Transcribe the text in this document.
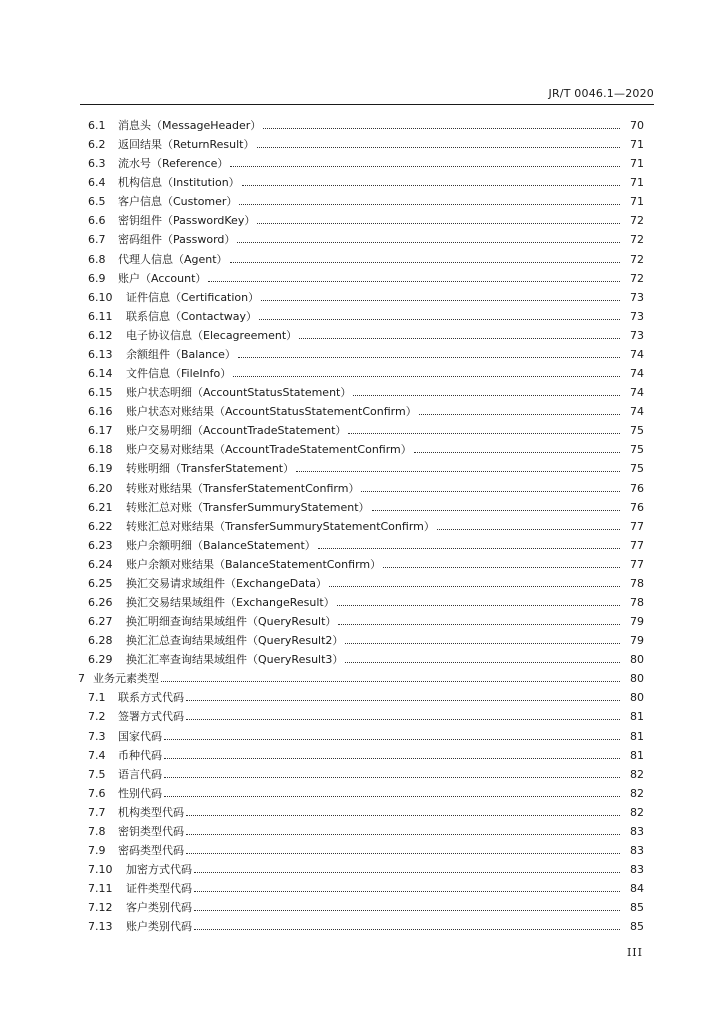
JR/T 0046.1—2020
6.1 消息头（MessageHeader）	70
6.2 返回结果（ReturnResult）	71
6.3 流水号（Reference）	71
6.4 机构信息（Institution）	71
6.5 客户信息（Customer）	71
6.6 密钥组件（PasswordKey）	72
6.7 密码组件（Password）	72
6.8 代理人信息（Agent）	72
6.9 账户（Account）	72
6.10 证件信息（Certification）	73
6.11 联系信息（Contactway）	73
6.12 电子协议信息（Elecagreement）	73
6.13 余额组件（Balance）	74
6.14 文件信息（FileInfo）	74
6.15 账户状态明细（AccountStatusStatement）	74
6.16 账户状态对账结果（AccountStatusStatementConfirm）	74
6.17 账户交易明细（AccountTradeStatement）	75
6.18 账户交易对账结果（AccountTradeStatementConfirm）	75
6.19 转账明细（TransferStatement）	75
6.20 转账对账结果（TransferStatementConfirm）	76
6.21 转账汇总对账（TransferSummuryStatement）	76
6.22 转账汇总对账结果（TransferSummuryStatementConfirm）	77
6.23 账户余额明细（BalanceStatement）	77
6.24 账户余额对账结果（BalanceStatementConfirm）	77
6.25 换汇交易请求域组件（ExchangeData）	78
6.26 换汇交易结果域组件（ExchangeResult）	78
6.27 换汇明细查询结果域组件（QueryResult）	79
6.28 换汇汇总查询结果域组件（QueryResult2）	79
6.29 换汇汇率查询结果域组件（QueryResult3）	80
7 业务元素类型	80
7.1 联系方式代码	80
7.2 签署方式代码	81
7.3 国家代码	81
7.4 币种代码	81
7.5 语言代码	82
7.6 性别代码	82
7.7 机构类型代码	82
7.8 密钥类型代码	83
7.9 密码类型代码	83
7.10 加密方式代码	83
7.11 证件类型代码	84
7.12 客户类别代码	85
7.13 账户类别代码	85
III
